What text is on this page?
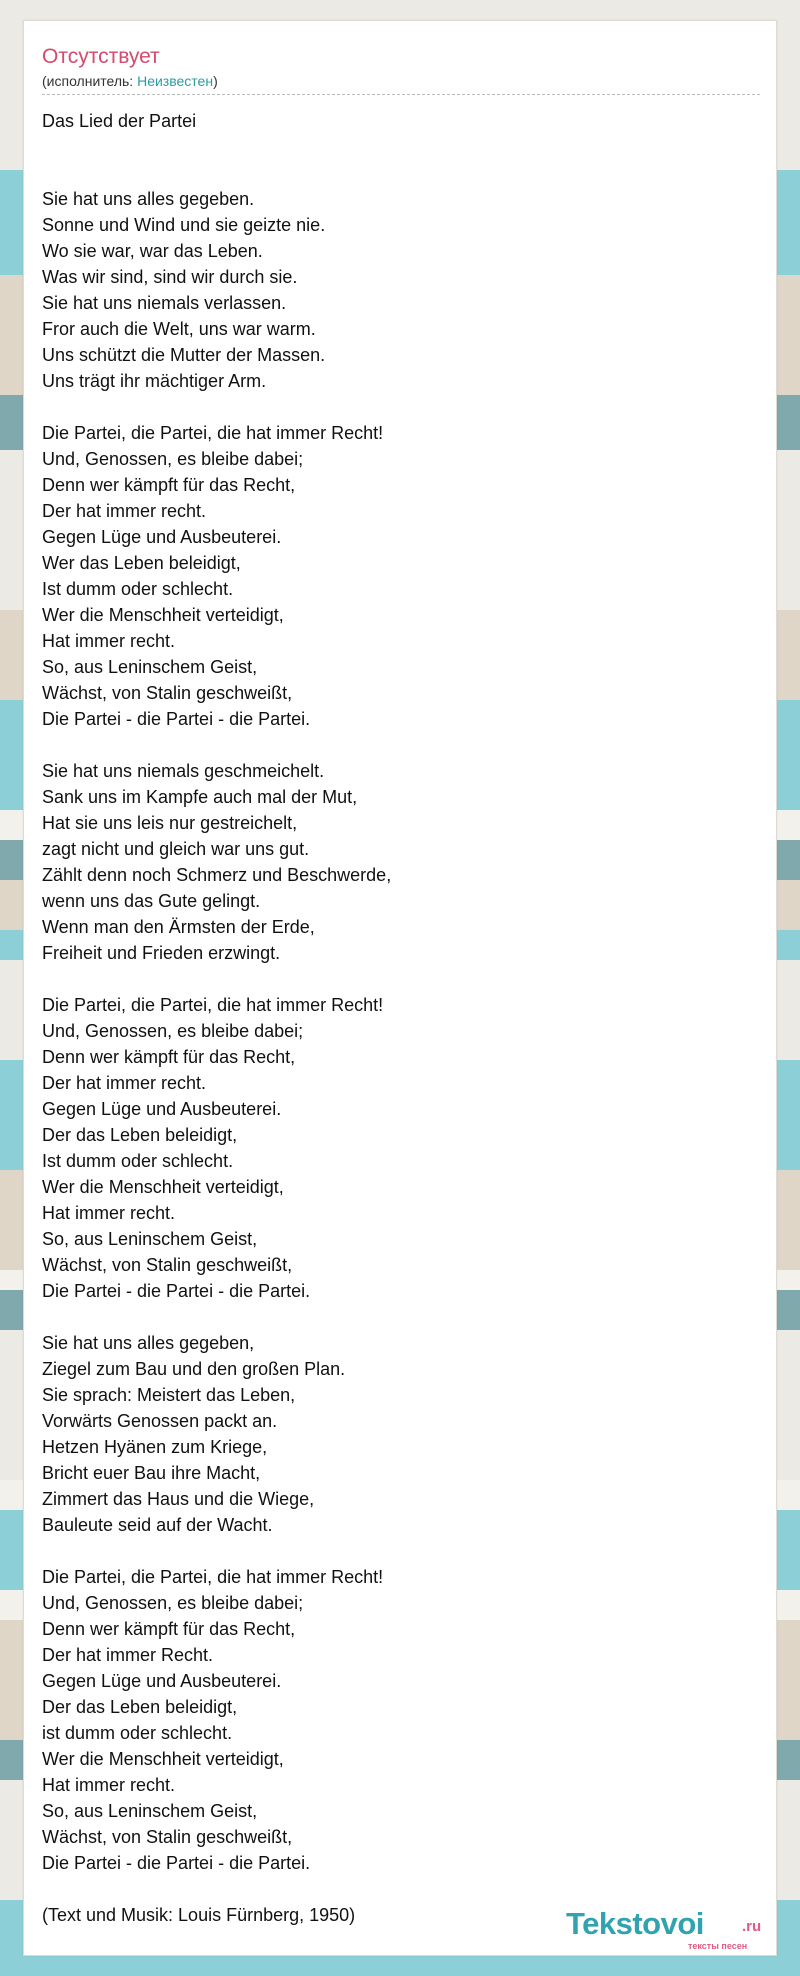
Отсутствует
(исполнитель: Неизвестен)
Das Lied der Partei

Sie hat uns alles gegeben.
Sonne und Wind und sie geizte nie.
Wo sie war, war das Leben.
Was wir sind, sind wir durch sie.
Sie hat uns niemals verlassen.
Fror auch die Welt, uns war warm.
Uns schützt die Mutter der Massen.
Uns trägt ihr mächtiger Arm.

Die Partei, die Partei, die hat immer Recht!
Und, Genossen, es bleibe dabei;
Denn wer kämpft für das Recht,
Der hat immer recht.
Gegen Lüge und Ausbeuterei.
Wer das Leben beleidigt,
Ist dumm oder schlecht.
Wer die Menschheit verteidigt,
Hat immer recht.
So, aus Leninschem Geist,
Wächst, von Stalin geschweißt,
Die Partei - die Partei - die Partei.

Sie hat uns niemals geschmeichelt.
Sank uns im Kampfe auch mal der Mut,
Hat sie uns leis nur gestreichelt,
zagt nicht und gleich war uns gut.
Zählt denn noch Schmerz und Beschwerde,
wenn uns das Gute gelingt.
Wenn man den Ärmsten der Erde,
Freiheit und Frieden erzwingt.

Die Partei, die Partei, die hat immer Recht!
Und, Genossen, es bleibe dabei;
Denn wer kämpft für das Recht,
Der hat immer recht.
Gegen Lüge und Ausbeuterei.
Der das Leben beleidigt,
Ist dumm oder schlecht.
Wer die Menschheit verteidigt,
Hat immer recht.
So, aus Leninschem Geist,
Wächst, von Stalin geschweißt,
Die Partei - die Partei - die Partei.

Sie hat uns alles gegeben,
Ziegel zum Bau und den großen Plan.
Sie sprach: Meistert das Leben,
Vorwärts Genossen packt an.
Hetzen Hyänen zum Kriege,
Bricht euer Bau ihre Macht,
Zimmert das Haus und die Wiege,
Bauleute seid auf der Wacht.

Die Partei, die Partei, die hat immer Recht!
Und, Genossen, es bleibe dabei;
Denn wer kämpft für das Recht,
Der hat immer Recht.
Gegen Lüge und Ausbeuterei.
Der das Leben beleidigt,
ist dumm oder schlecht.
Wer die Menschheit verteidigt,
Hat immer recht.
So, aus Leninschem Geist,
Wächst, von Stalin geschweißt,
Die Partei - die Partei - die Partei.

(Text und Musik: Louis Fürnberg, 1950)	Tekstovoi	.ru
тексты песен
